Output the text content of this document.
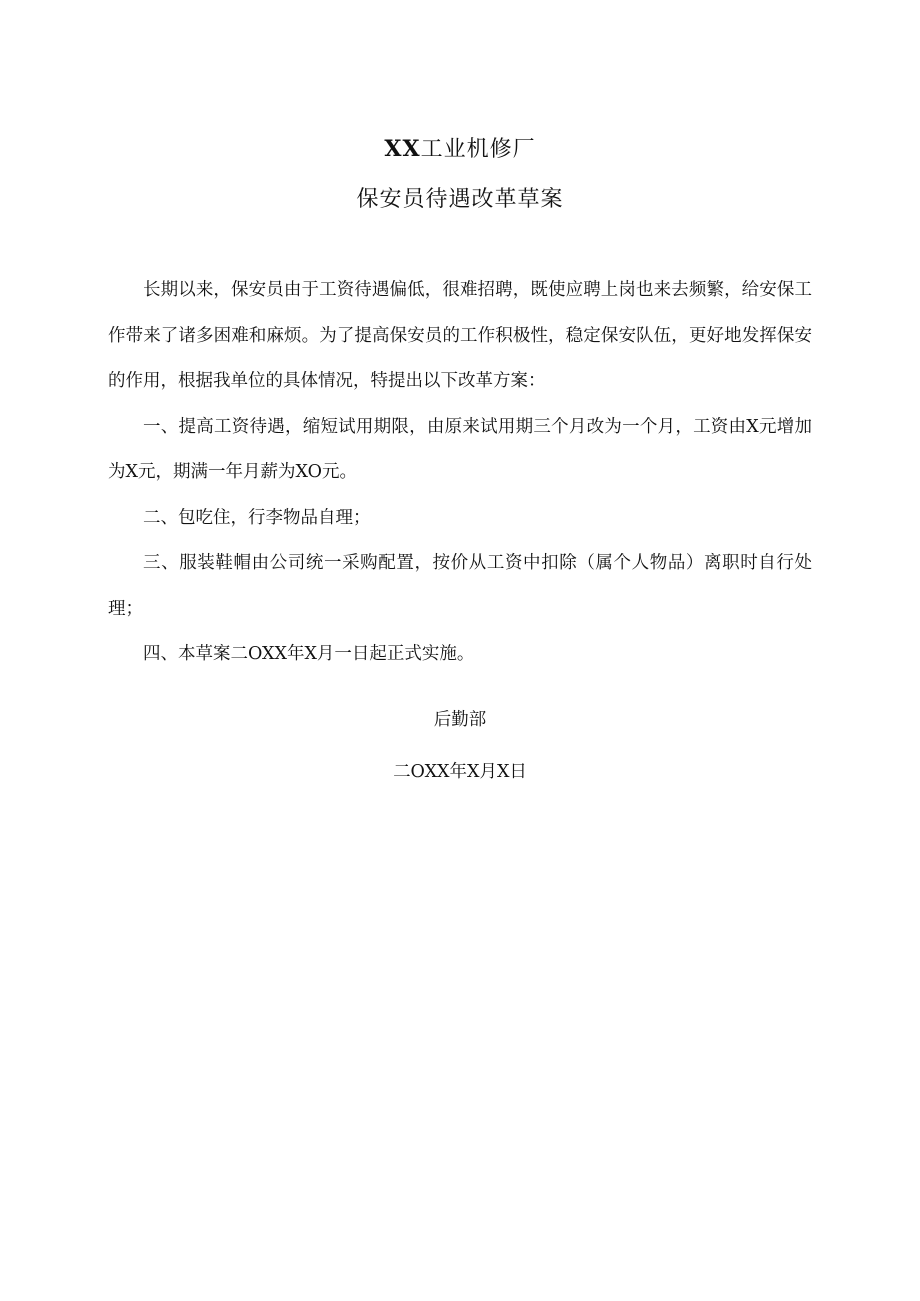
XX工业机修厂
保安员待遇改革草案

长期以来，保安员由于工资待遇偏低，很难招聘，既使应聘上岗也来去频繁，给安保工作带来了诸多困难和麻烦。为了提高保安员的工作积极性，稳定保安队伍，更好地发挥保安的作用，根据我单位的具体情况，特提出以下改革方案：

一、提高工资待遇，缩短试用期限，由原来试用期三个月改为一个月，工资由X元增加为X元，期满一年月薪为XO元。

二、包吃住，行李物品自理；

三、服装鞋帽由公司统一采购配置，按价从工资中扣除（属个人物品）离职时自行处理；

四、本草案二OXX年X月一日起正式实施。

后勤部
二OXX年X月X日
